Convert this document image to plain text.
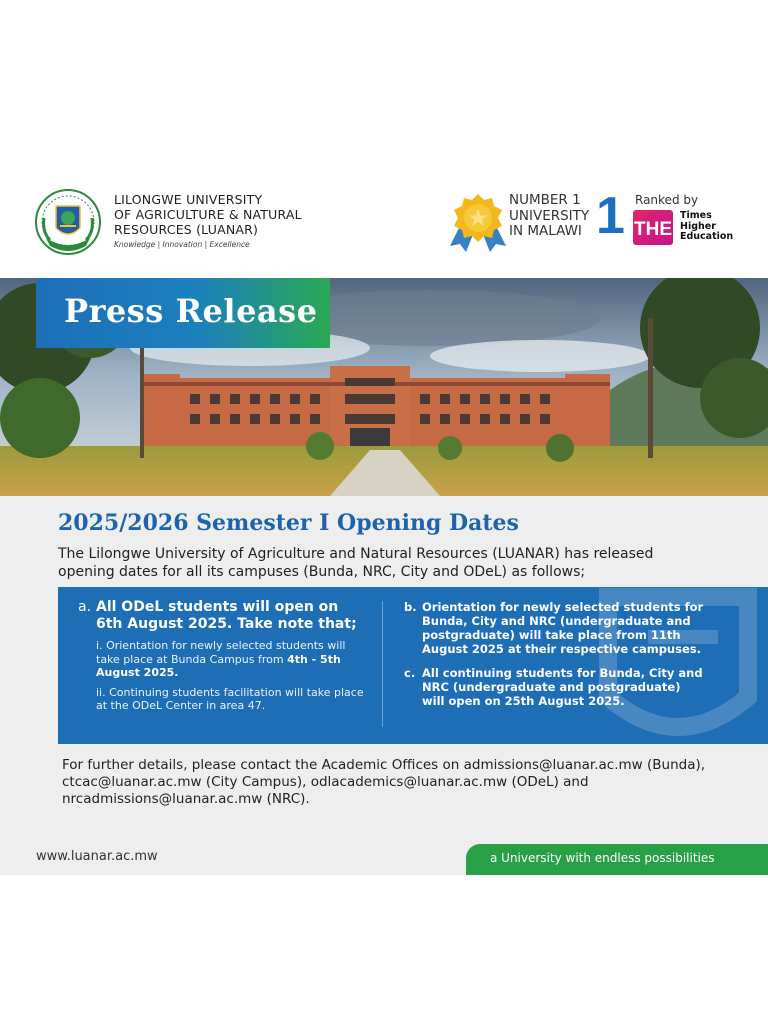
LILONGWE UNIVERSITY
OF AGRICULTURE & NATURAL
RESOURCES (LUANAR)
Knowledge | Innovation | Excellence
NUMBER 1
UNIVERSITY
IN MALAWI 1 Ranked by
THE
Times
Higher
Education
Press Release
2025/2026 Semester I Opening Dates
The Lilongwe University of Agriculture and Natural Resources (LUANAR) has released opening dates for all its campuses (Bunda, NRC, City and ODeL) as follows;
a. All ODeL students will open on 6th August 2025. Take note that;
i. Orientation for newly selected students will take place at Bunda Campus from 4th - 5th August 2025.
ii. Continuing students facilitation will take place at the ODeL Center in area 47.
b. Orientation for newly selected students for Bunda, City and NRC (undergraduate and postgraduate) will take place from 11th August 2025 at their respective campuses.
c. All continuing students for Bunda, City and NRC (undergraduate and postgraduate) will open on 25th August 2025.
For further details, please contact the Academic Offices on admissions@luanar.ac.mw (Bunda), ctcac@luanar.ac.mw (City Campus), odlacademics@luanar.ac.mw (ODeL) and nrcadmissions@luanar.ac.mw (NRC).
www.luanar.ac.mw	a University with endless possibilities
